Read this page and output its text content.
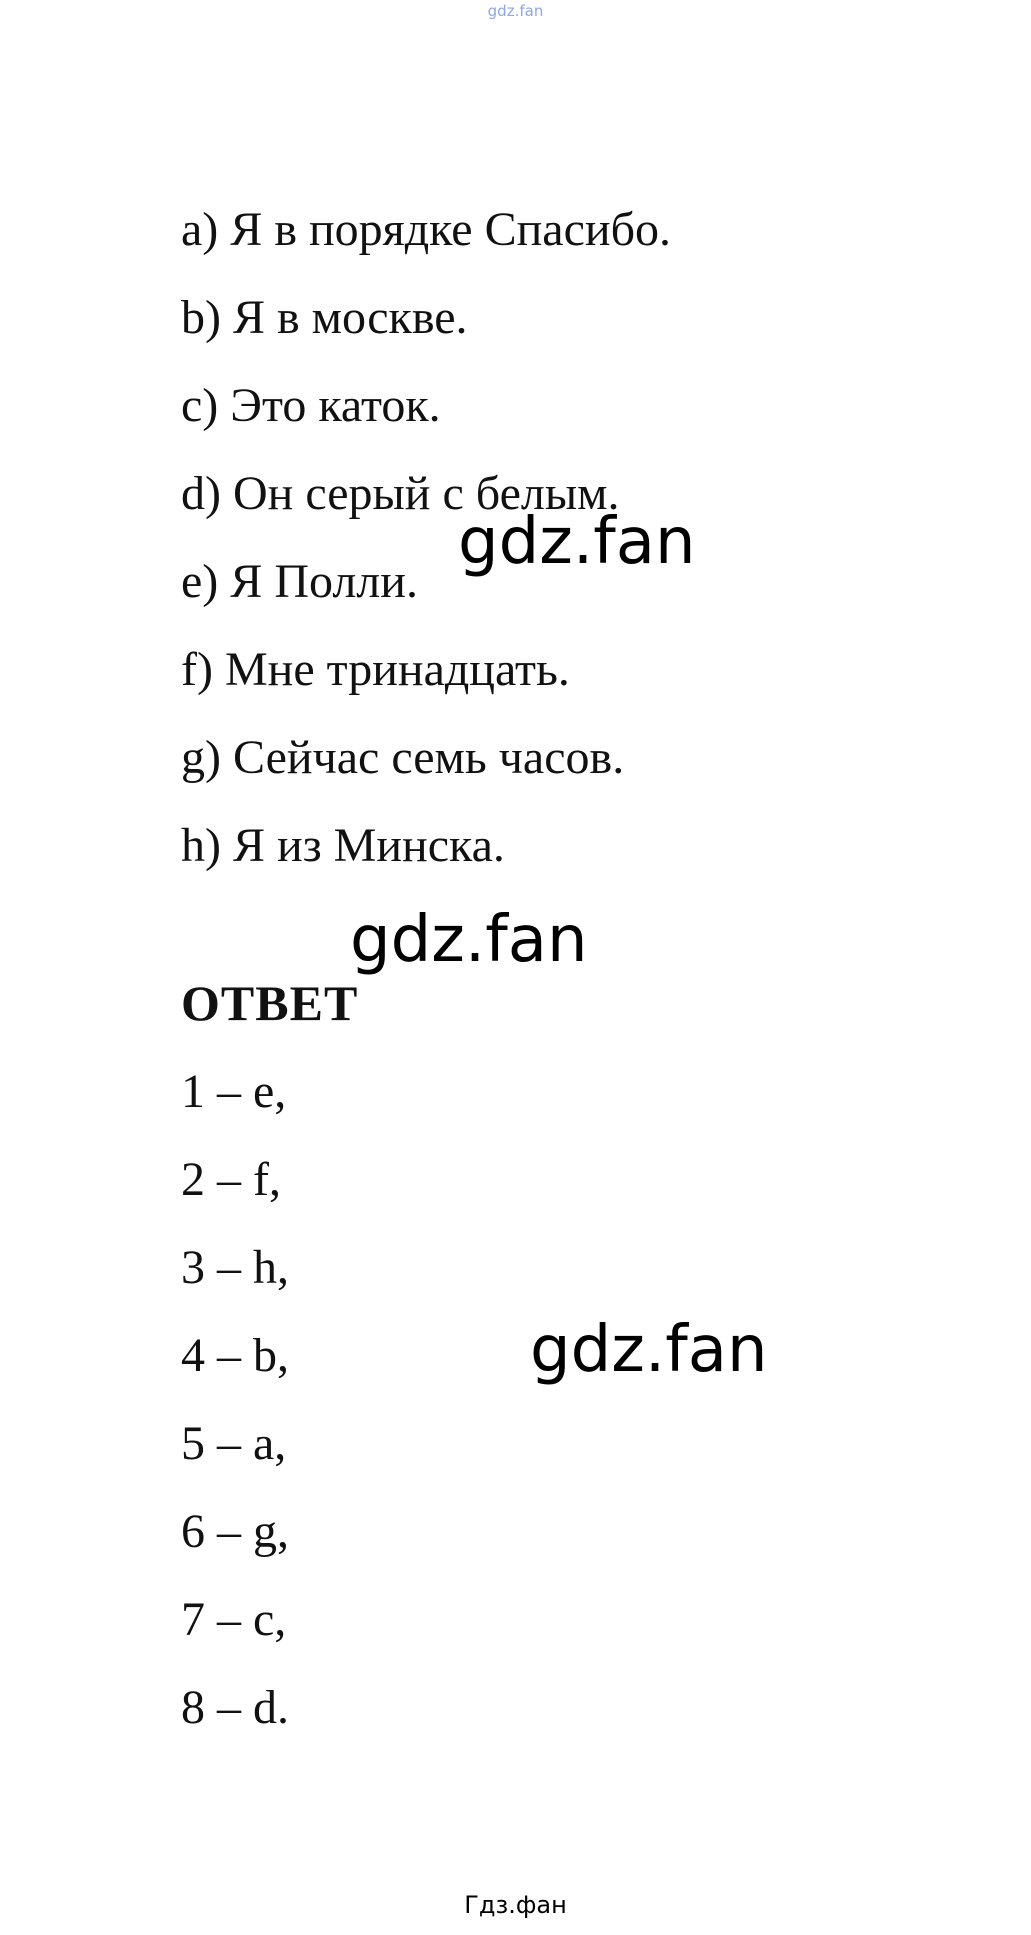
gdz.fan
a) Я в порядке Спасибо.
b) Я в москве.
c) Это каток.
d) Он серый с белым.
e) Я Полли.
f) Мне тринадцать.
g) Сейчас семь часов.
h) Я из Минска.
ОТВЕТ
1 – e,
2 – f,
3 – h,
4 – b,
5 – a,
6 – g,
7 – c,
8 – d.
gdz.fan
gdz.fan
gdz.fan
Гдз.фан
